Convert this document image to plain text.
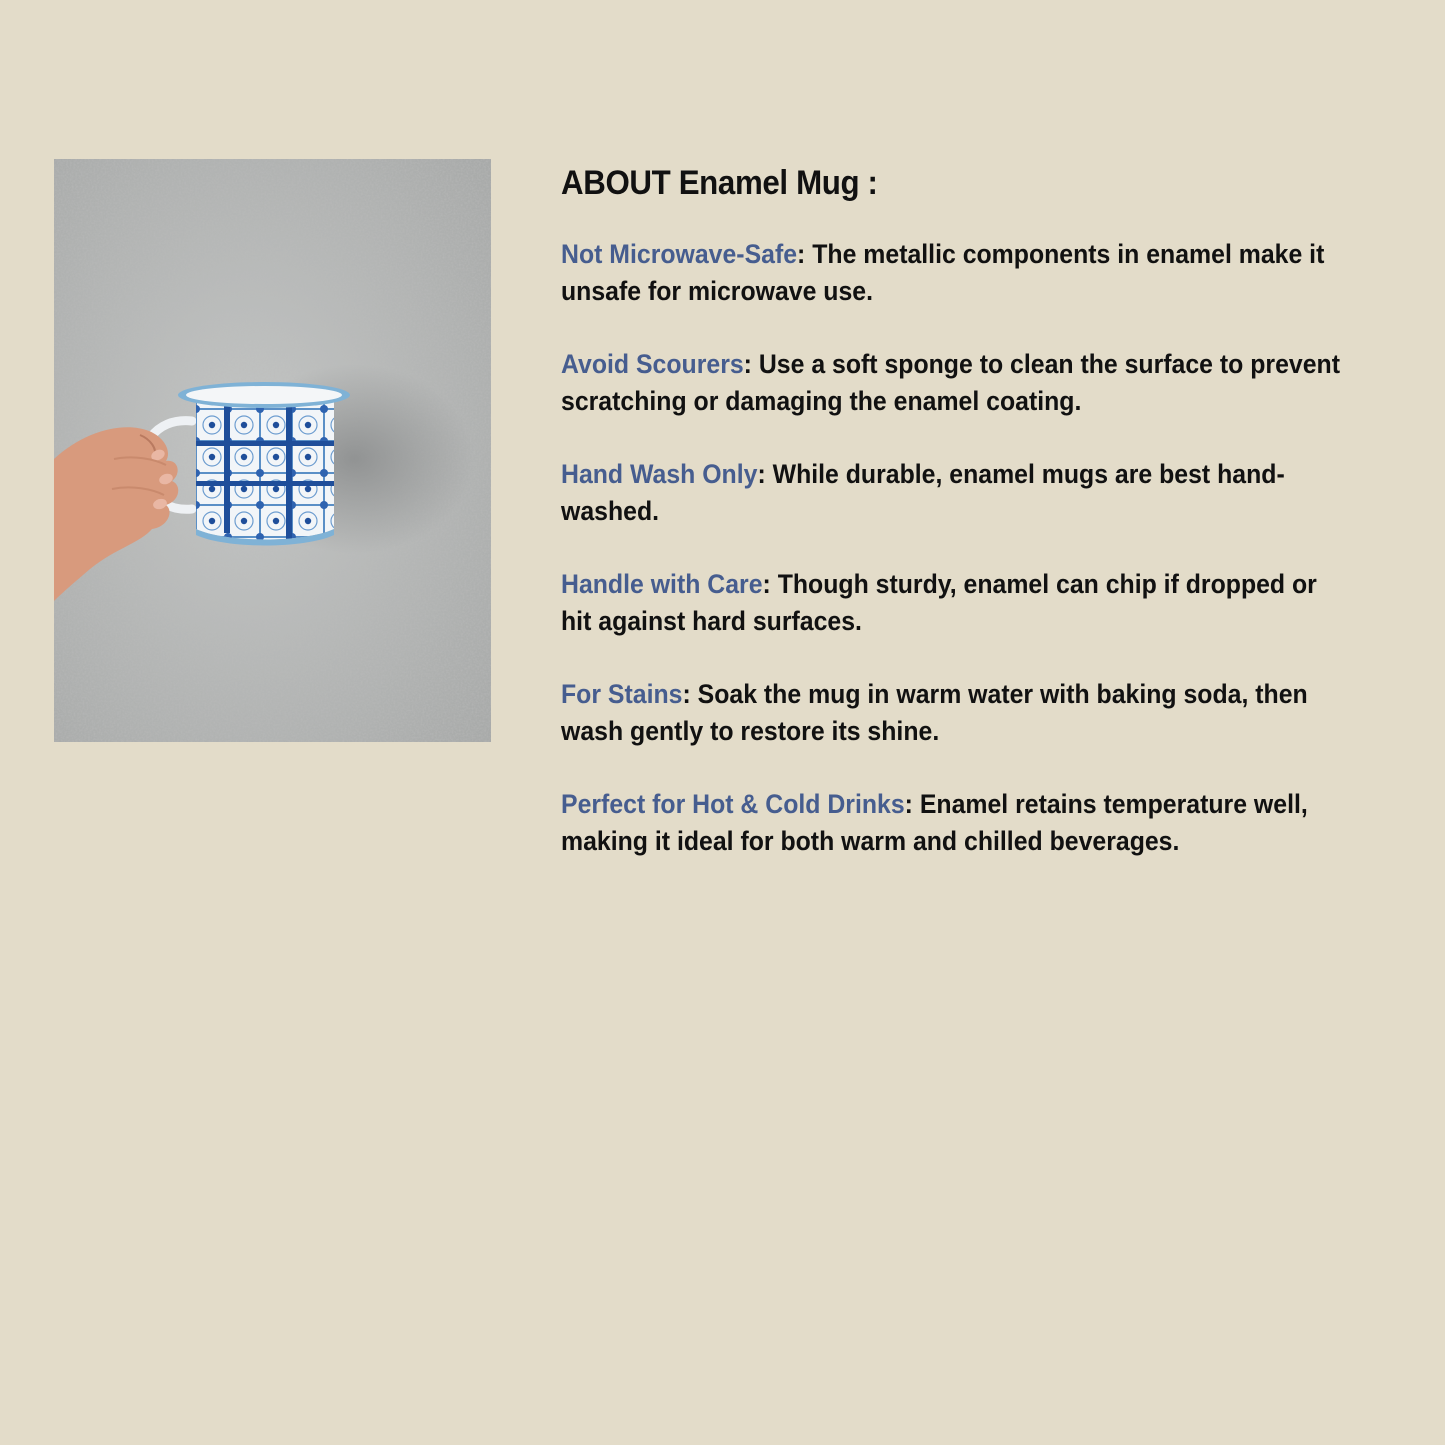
ABOUT Enamel Mug :
Not Microwave-Safe: The metallic components in enamel make it unsafe for microwave use.
Avoid Scourers: Use a soft sponge to clean the surface to prevent scratching or damaging the enamel coating.
Hand Wash Only: While durable, enamel mugs are best hand-washed.
Handle with Care: Though sturdy, enamel can chip if dropped or hit against hard surfaces.
For Stains: Soak the mug in warm water with baking soda, then wash gently to restore its shine.
Perfect for Hot & Cold Drinks: Enamel retains temperature well, making it ideal for both warm and chilled beverages.
